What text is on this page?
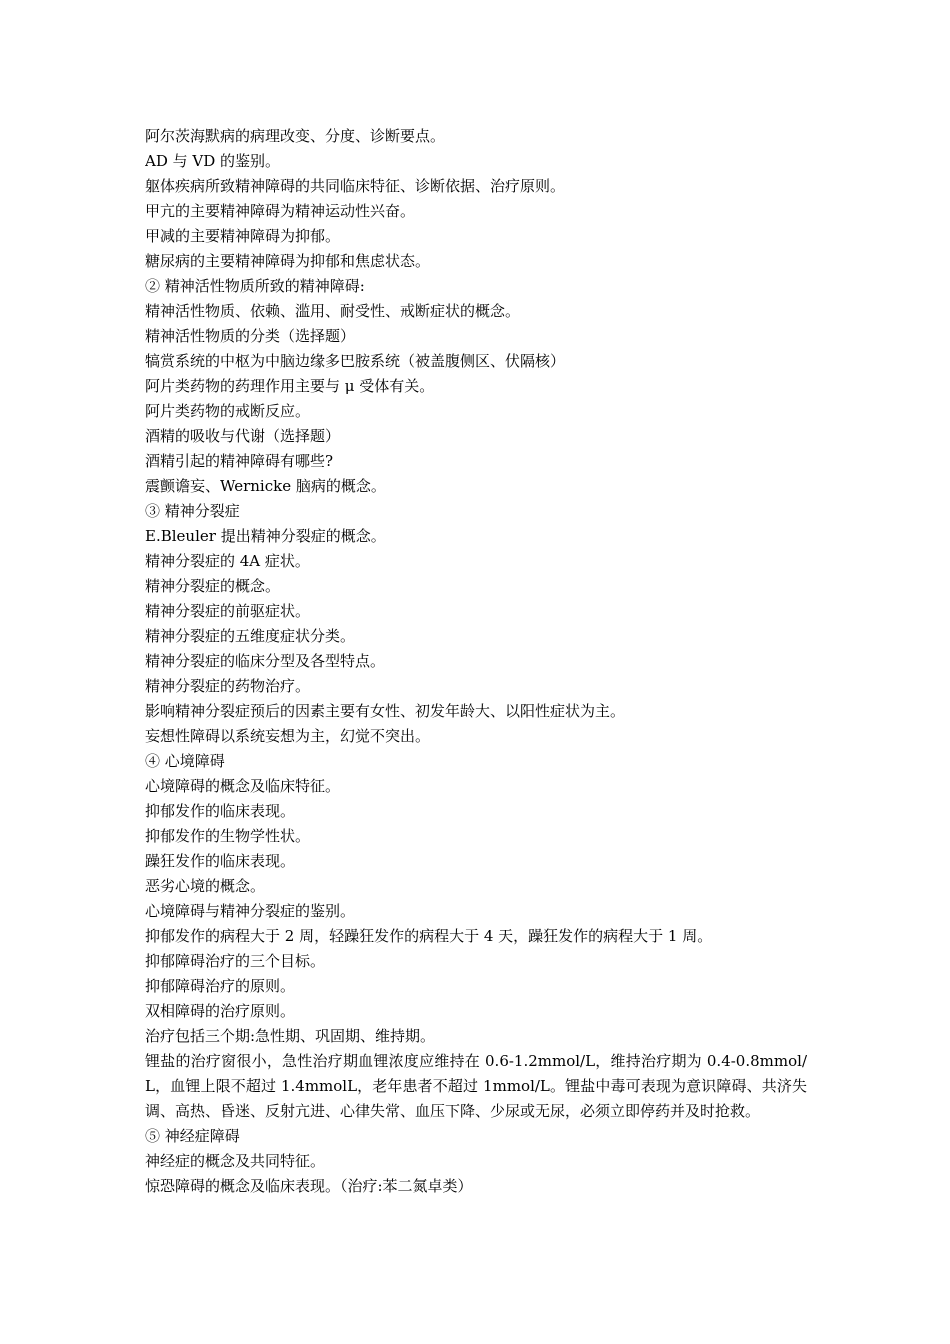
阿尔茨海默病的病理改变、分度、诊断要点。
AD 与 VD 的鉴别。
躯体疾病所致精神障碍的共同临床特征、诊断依据、治疗原则。
甲亢的主要精神障碍为精神运动性兴奋。
甲减的主要精神障碍为抑郁。
糖尿病的主要精神障碍为抑郁和焦虑状态。
② 精神活性物质所致的精神障碍:
精神活性物质、依赖、滥用、耐受性、戒断症状的概念。
精神活性物质的分类（选择题）
犒赏系统的中枢为中脑边缘多巴胺系统（被盖腹侧区、伏隔核）
阿片类药物的药理作用主要与 μ 受体有关。
阿片类药物的戒断反应。
酒精的吸收与代谢（选择题）
酒精引起的精神障碍有哪些?
震颤谵妄、Wernicke 脑病的概念。
③ 精神分裂症
E.Bleuler 提出精神分裂症的概念。
精神分裂症的 4A 症状。
精神分裂症的概念。
精神分裂症的前驱症状。
精神分裂症的五维度症状分类。
精神分裂症的临床分型及各型特点。
精神分裂症的药物治疗。
影响精神分裂症预后的因素主要有女性、初发年龄大、以阳性症状为主。
妄想性障碍以系统妄想为主，幻觉不突出。
④ 心境障碍
心境障碍的概念及临床特征。
抑郁发作的临床表现。
抑郁发作的生物学性状。
躁狂发作的临床表现。
恶劣心境的概念。
心境障碍与精神分裂症的鉴别。
抑郁发作的病程大于 2 周，轻躁狂发作的病程大于 4 天，躁狂发作的病程大于 1 周。
抑郁障碍治疗的三个目标。
抑郁障碍治疗的原则。
双相障碍的治疗原则。
治疗包括三个期:急性期、巩固期、维持期。
锂盐的治疗窗很小，急性治疗期血锂浓度应维持在 0.6-1.2mmol/L，维持治疗期为 0.4-0.8mmol/L，血锂上限不超过 1.4mmolL，老年患者不超过 1mmol/L。锂盐中毒可表现为意识障碍、共济失调、高热、昏迷、反射亢进、心律失常、血压下降、少尿或无尿，必须立即停药并及时抢救。
⑤ 神经症障碍
神经症的概念及共同特征。
惊恐障碍的概念及临床表现。（治疗:苯二氮卓类）
